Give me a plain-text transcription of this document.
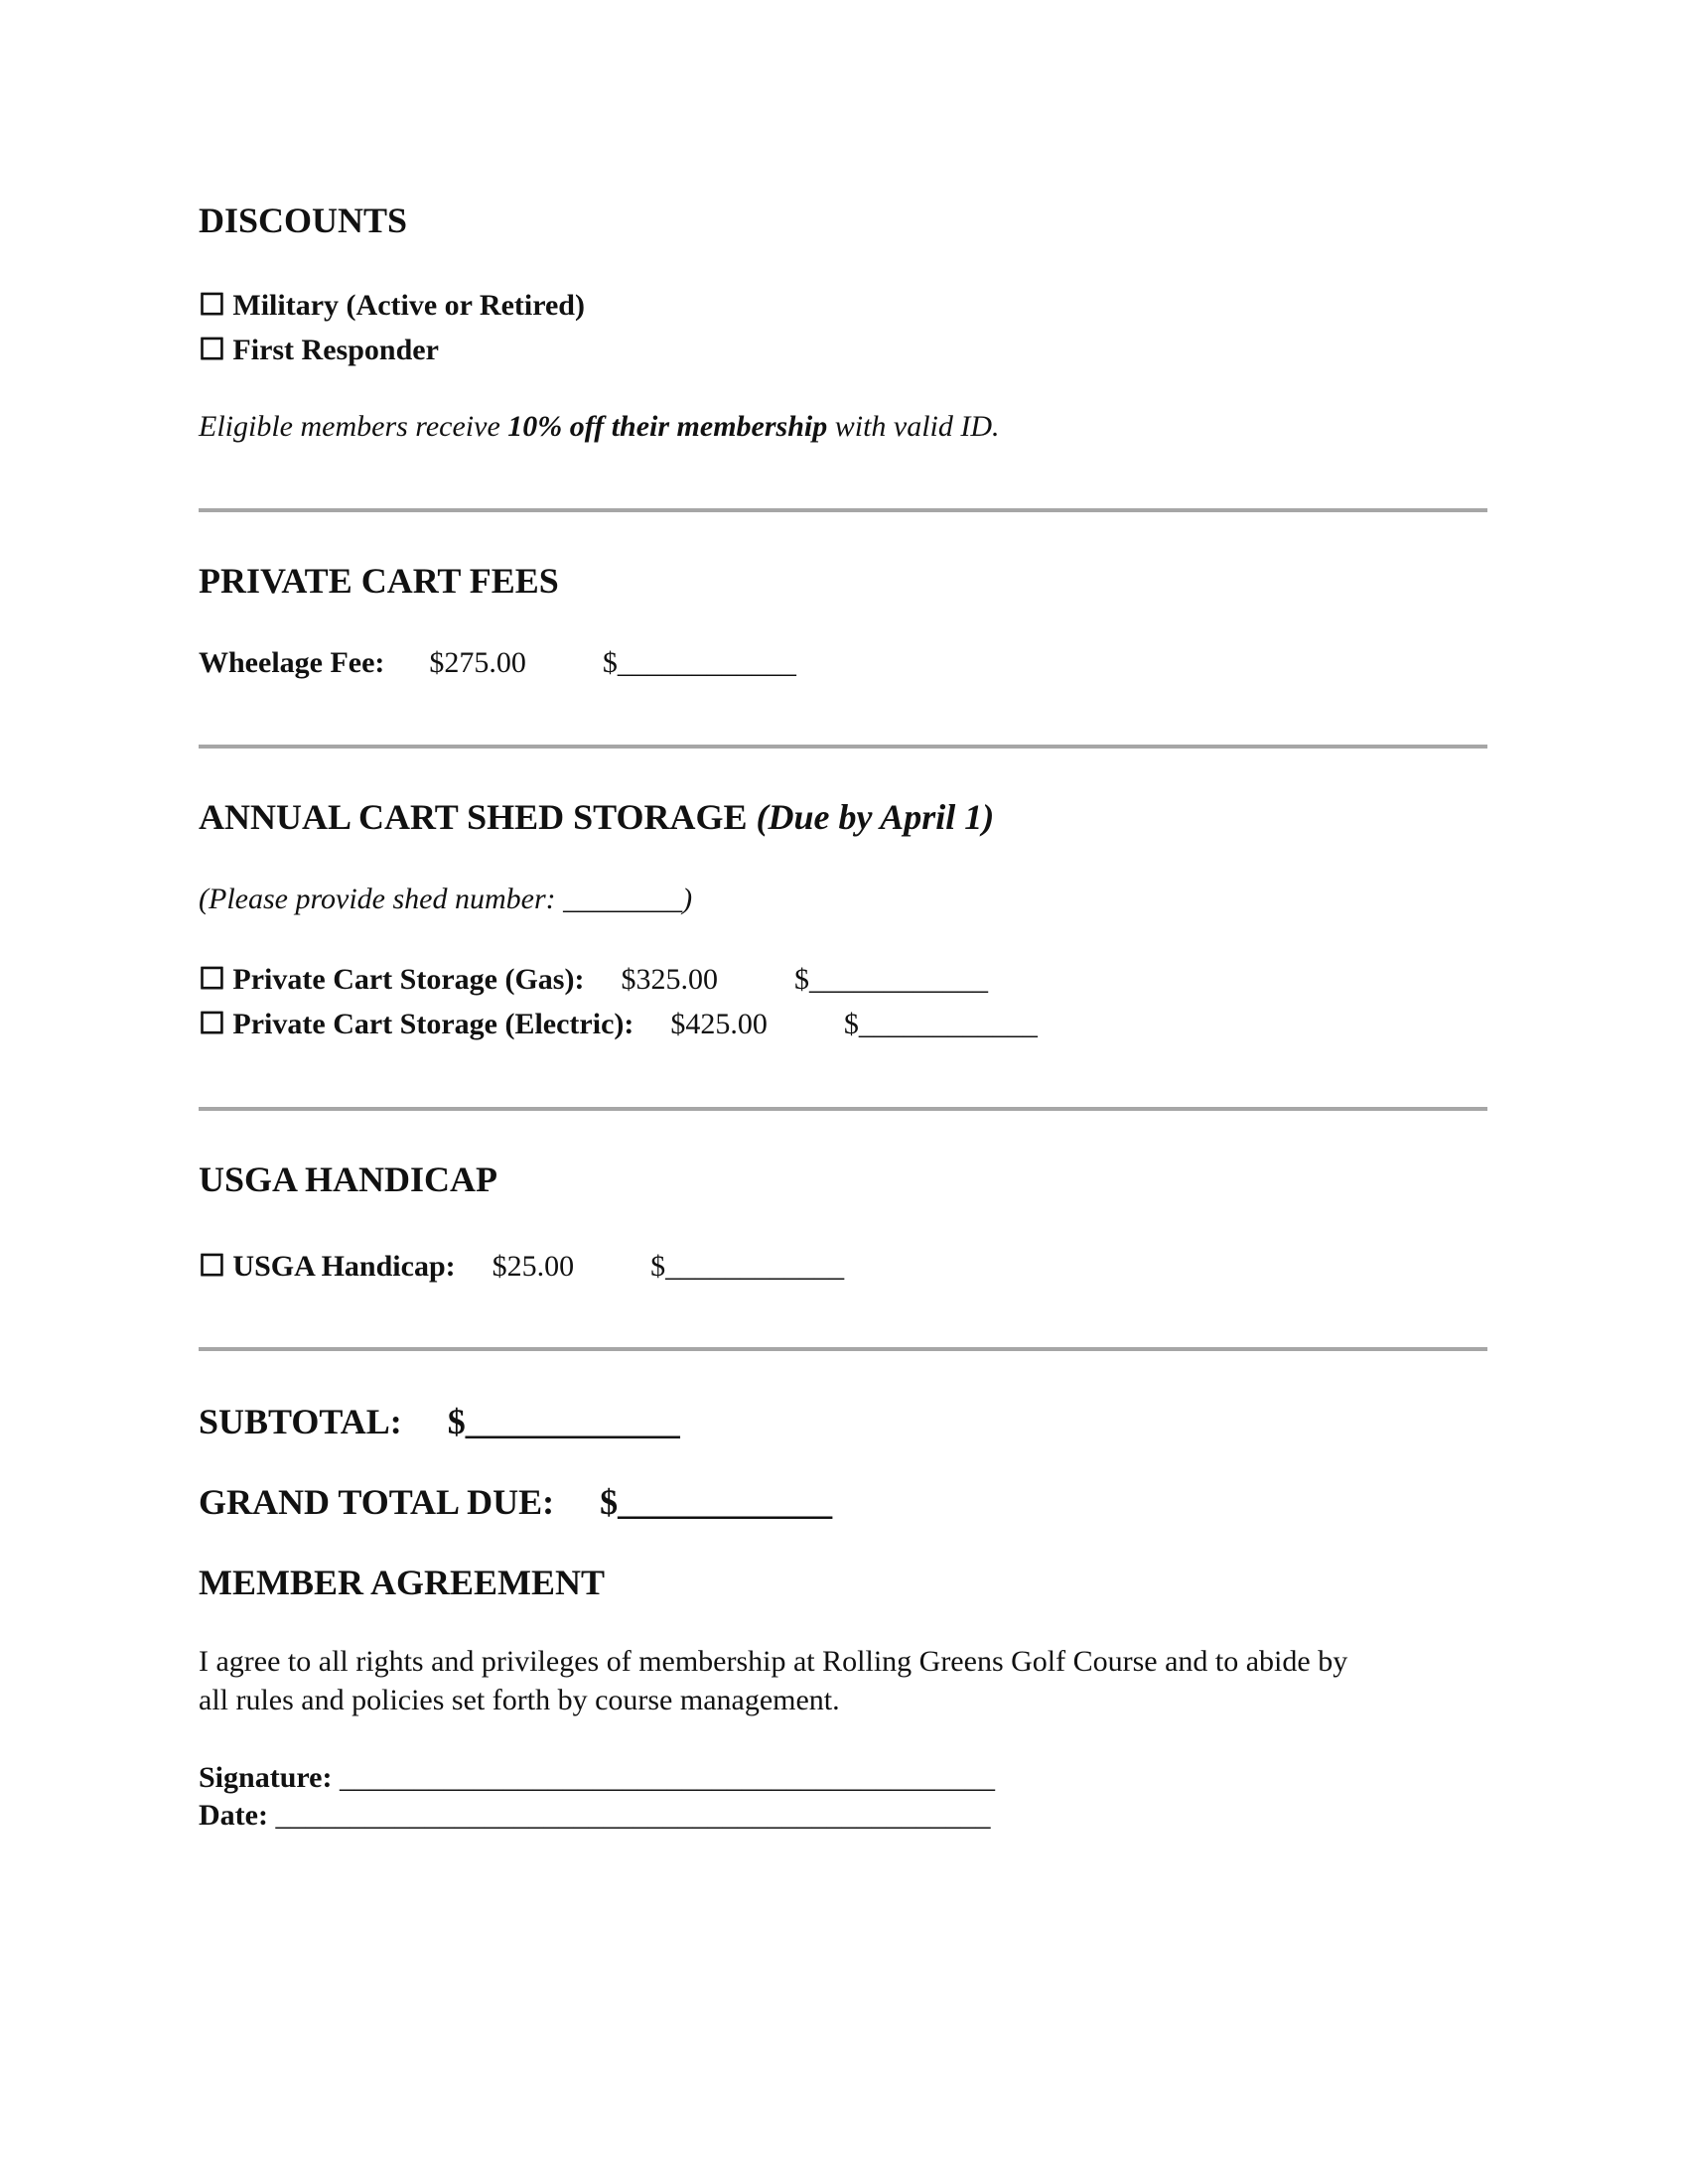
DISCOUNTS
☐ Military (Active or Retired)
☐ First Responder
Eligible members receive 10% off their membership with valid ID.
PRIVATE CART FEES
Wheelage Fee: $275.00	$____________
ANNUAL CART SHED STORAGE (Due by April 1)
(Please provide shed number: ________)
☐ Private Cart Storage (Gas): $325.00	$____________
☐ Private Cart Storage (Electric): $425.00	$____________
USGA HANDICAP
☐ USGA Handicap: $25.00	$____________
SUBTOTAL: $____________
GRAND TOTAL DUE: $____________
MEMBER AGREEMENT
I agree to all rights and privileges of membership at Rolling Greens Golf Course and to abide by
all rules and policies set forth by course management.
Signature: ____________________________________________
Date: ________________________________________________
